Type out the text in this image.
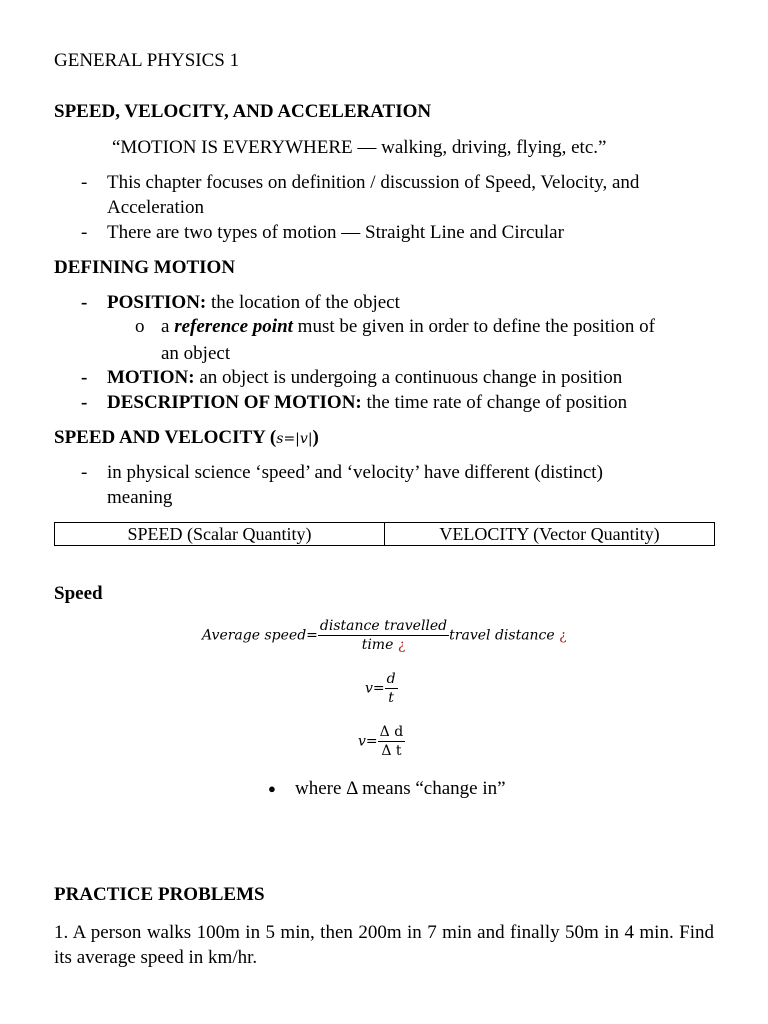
GENERAL PHYSICS 1
SPEED, VELOCITY, AND ACCELERATION
“MOTION IS EVERYWHERE — walking, driving, flying, etc.”
- This chapter focuses on definition / discussion of Speed, Velocity, and
Acceleration
- There are two types of motion — Straight Line and Circular
DEFINING MOTION
- POSITION: the location of the object
o a reference point must be given in order to define the position of
an object
- MOTION: an object is undergoing a continuous change in position
- DESCRIPTION OF MOTION: the time rate of change of position
SPEED AND VELOCITY (s=|v|)
- in physical science ‘speed’ and ‘velocity’ have different (distinct)
meaning
SPEED (Scalar Quantity)	VELOCITY (Vector Quantity)
Speed
Average speed= $\frac{\text{distance travelled}}{\text{time ¿}}$ travel distance ¿
$v= \frac{d}{t}$
$v= \frac{\text{Δ d}}{\text{Δ t}}$
● where Δ means “change in”
PRACTICE PROBLEMS
1. A person walks 100m in 5 min, then 200m in 7 min and finally 50m in 4 min. Find its average speed in km/hr.
